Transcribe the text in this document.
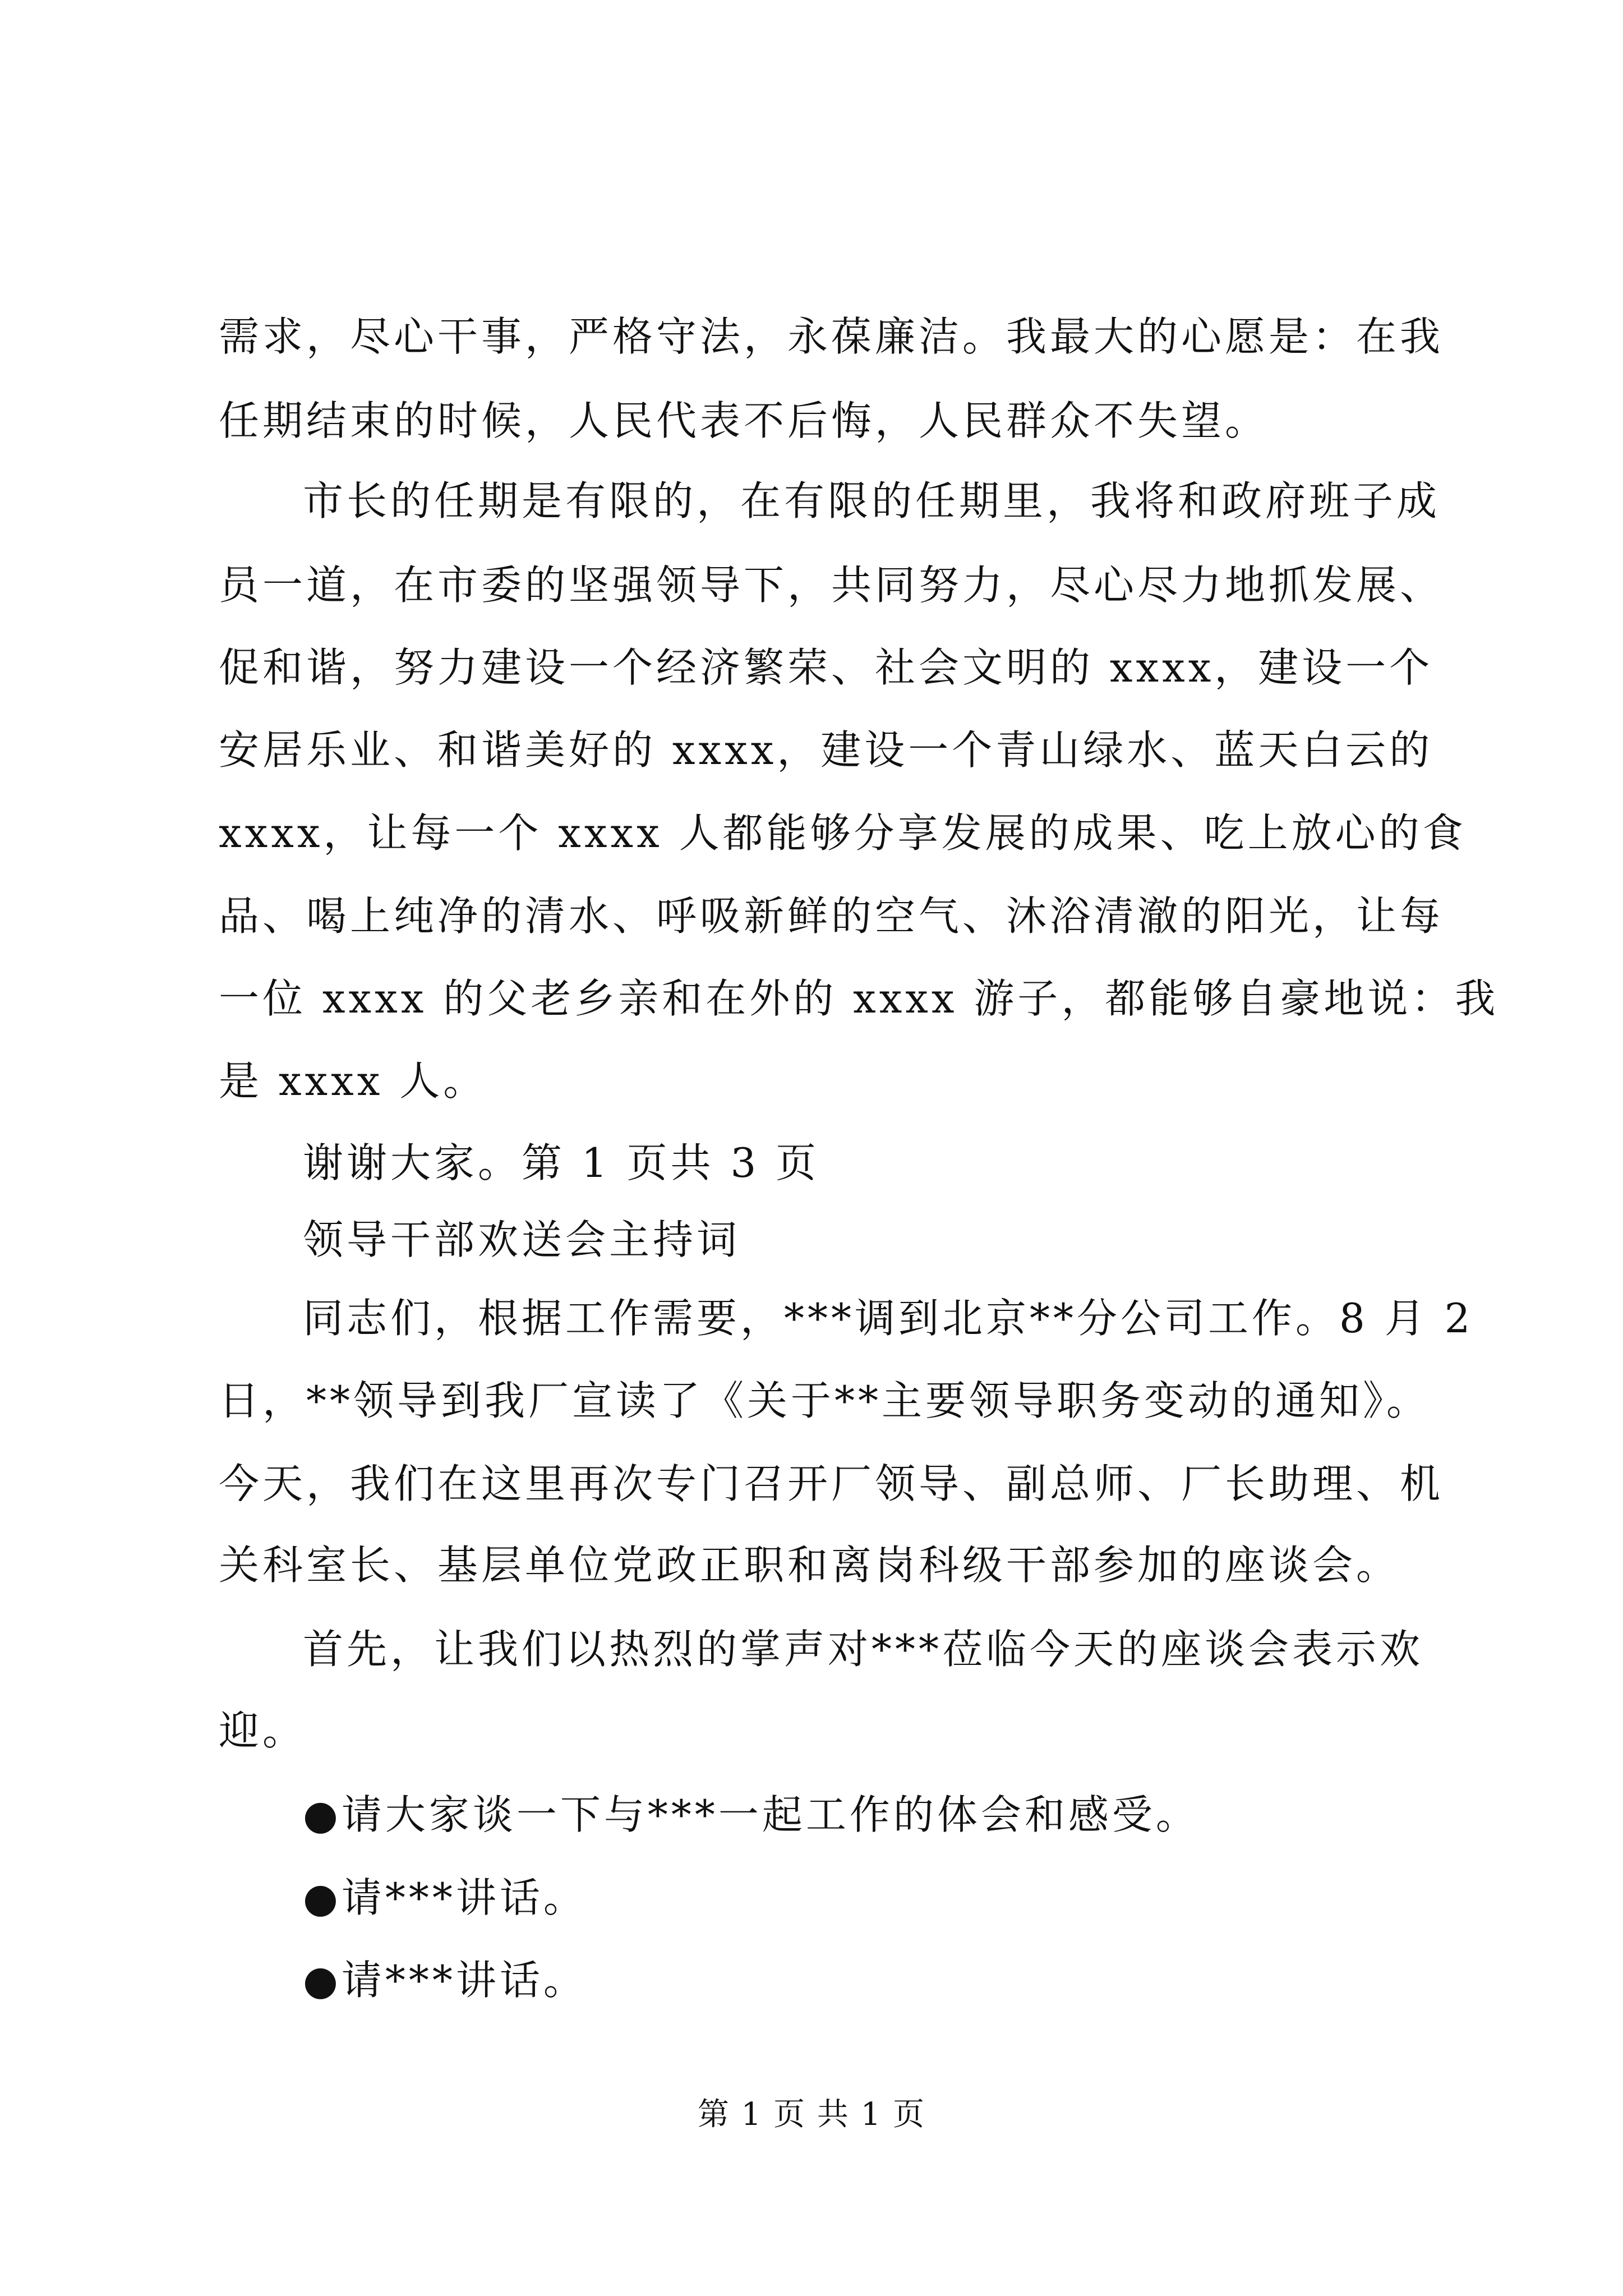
需求，尽心干事，严格守法，永葆廉洁。我最大的心愿是：在我
任期结束的时候，人民代表不后悔，人民群众不失望。
市长的任期是有限的，在有限的任期里，我将和政府班子成
员一道，在市委的坚强领导下，共同努力，尽心尽力地抓发展、
促和谐，努力建设一个经济繁荣、社会文明的 xxxx，建设一个
安居乐业、和谐美好的 xxxx，建设一个青山绿水、蓝天白云的
xxxx，让每一个 xxxx 人都能够分享发展的成果、吃上放心的食
品、喝上纯净的清水、呼吸新鲜的空气、沐浴清澈的阳光，让每
一位 xxxx 的父老乡亲和在外的 xxxx 游子，都能够自豪地说：我
是 xxxx 人。
谢谢大家。第 1 页共 3 页
领导干部欢送会主持词
同志们，根据工作需要，***调到北京**分公司工作。8 月 2
日，**领导到我厂宣读了《关于**主要领导职务变动的通知》。
今天，我们在这里再次专门召开厂领导、副总师、厂长助理、机
关科室长、基层单位党政正职和离岗科级干部参加的座谈会。
首先，让我们以热烈的掌声对***莅临今天的座谈会表示欢
迎。
●请大家谈一下与***一起工作的体会和感受。
●请***讲话。
●请***讲话。
第 1 页 共 1 页
